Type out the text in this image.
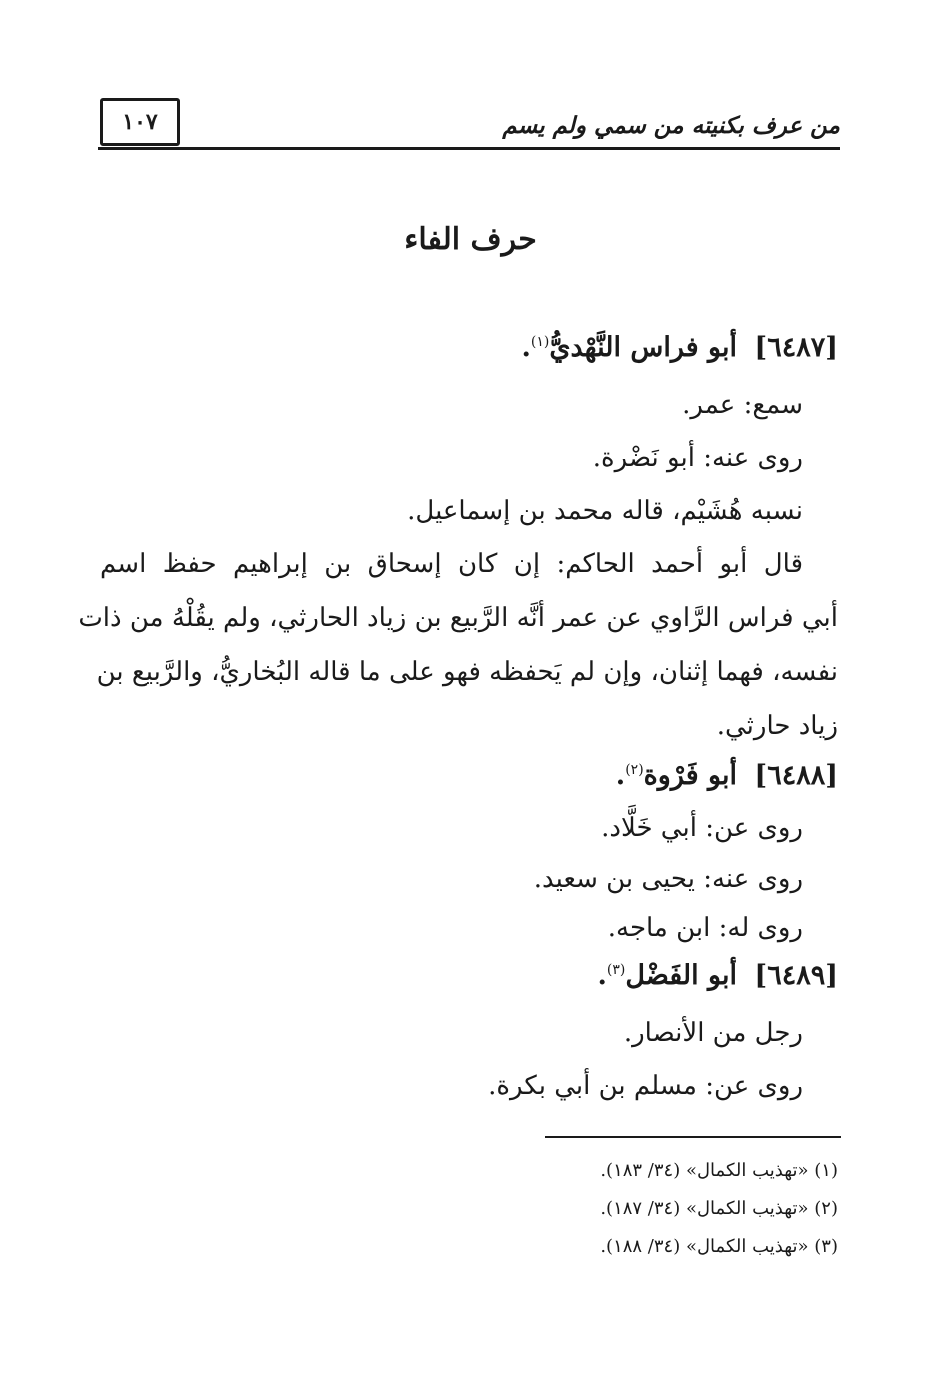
من عرف بكنيته من سمي ولم يسم
١٠٧
حرف الفاء
[٦٤٨٧] أبو فراس النَّهْديُّ$^{(١)}$.
سمع: عمر.
روى عنه: أبو نَضْرة.
نسبه هُشَيْم، قاله محمد بن إسماعيل.
قال أبو أحمد الحاكم: إن كان إسحاق بن إبراهيم حفظ اسم
أبي فراس الرَّاوي عن عمر أنَّه الرَّبيع بن زياد الحارثي، ولم يقُلْهُ من ذات
نفسه، فهما إثنان، وإن لم يَحفظه فهو على ما قاله البُخاريُّ، والرَّبيع بن
زياد حارثي.
[٦٤٨٨] أبو فَرْوة$^{(٢)}$.
روى عن: أبي خَلَّاد.
روى عنه: يحيى بن سعيد.
روى له: ابن ماجه.
[٦٤٨٩] أبو الفَضْل$^{(٣)}$.
رجل من الأنصار.
روى عن: مسلم بن أبي بكرة.
(١) «تهذيب الكمال» (٣٤/ ١٨٣).
(٢) «تهذيب الكمال» (٣٤/ ١٨٧).
(٣) «تهذيب الكمال» (٣٤/ ١٨٨).
